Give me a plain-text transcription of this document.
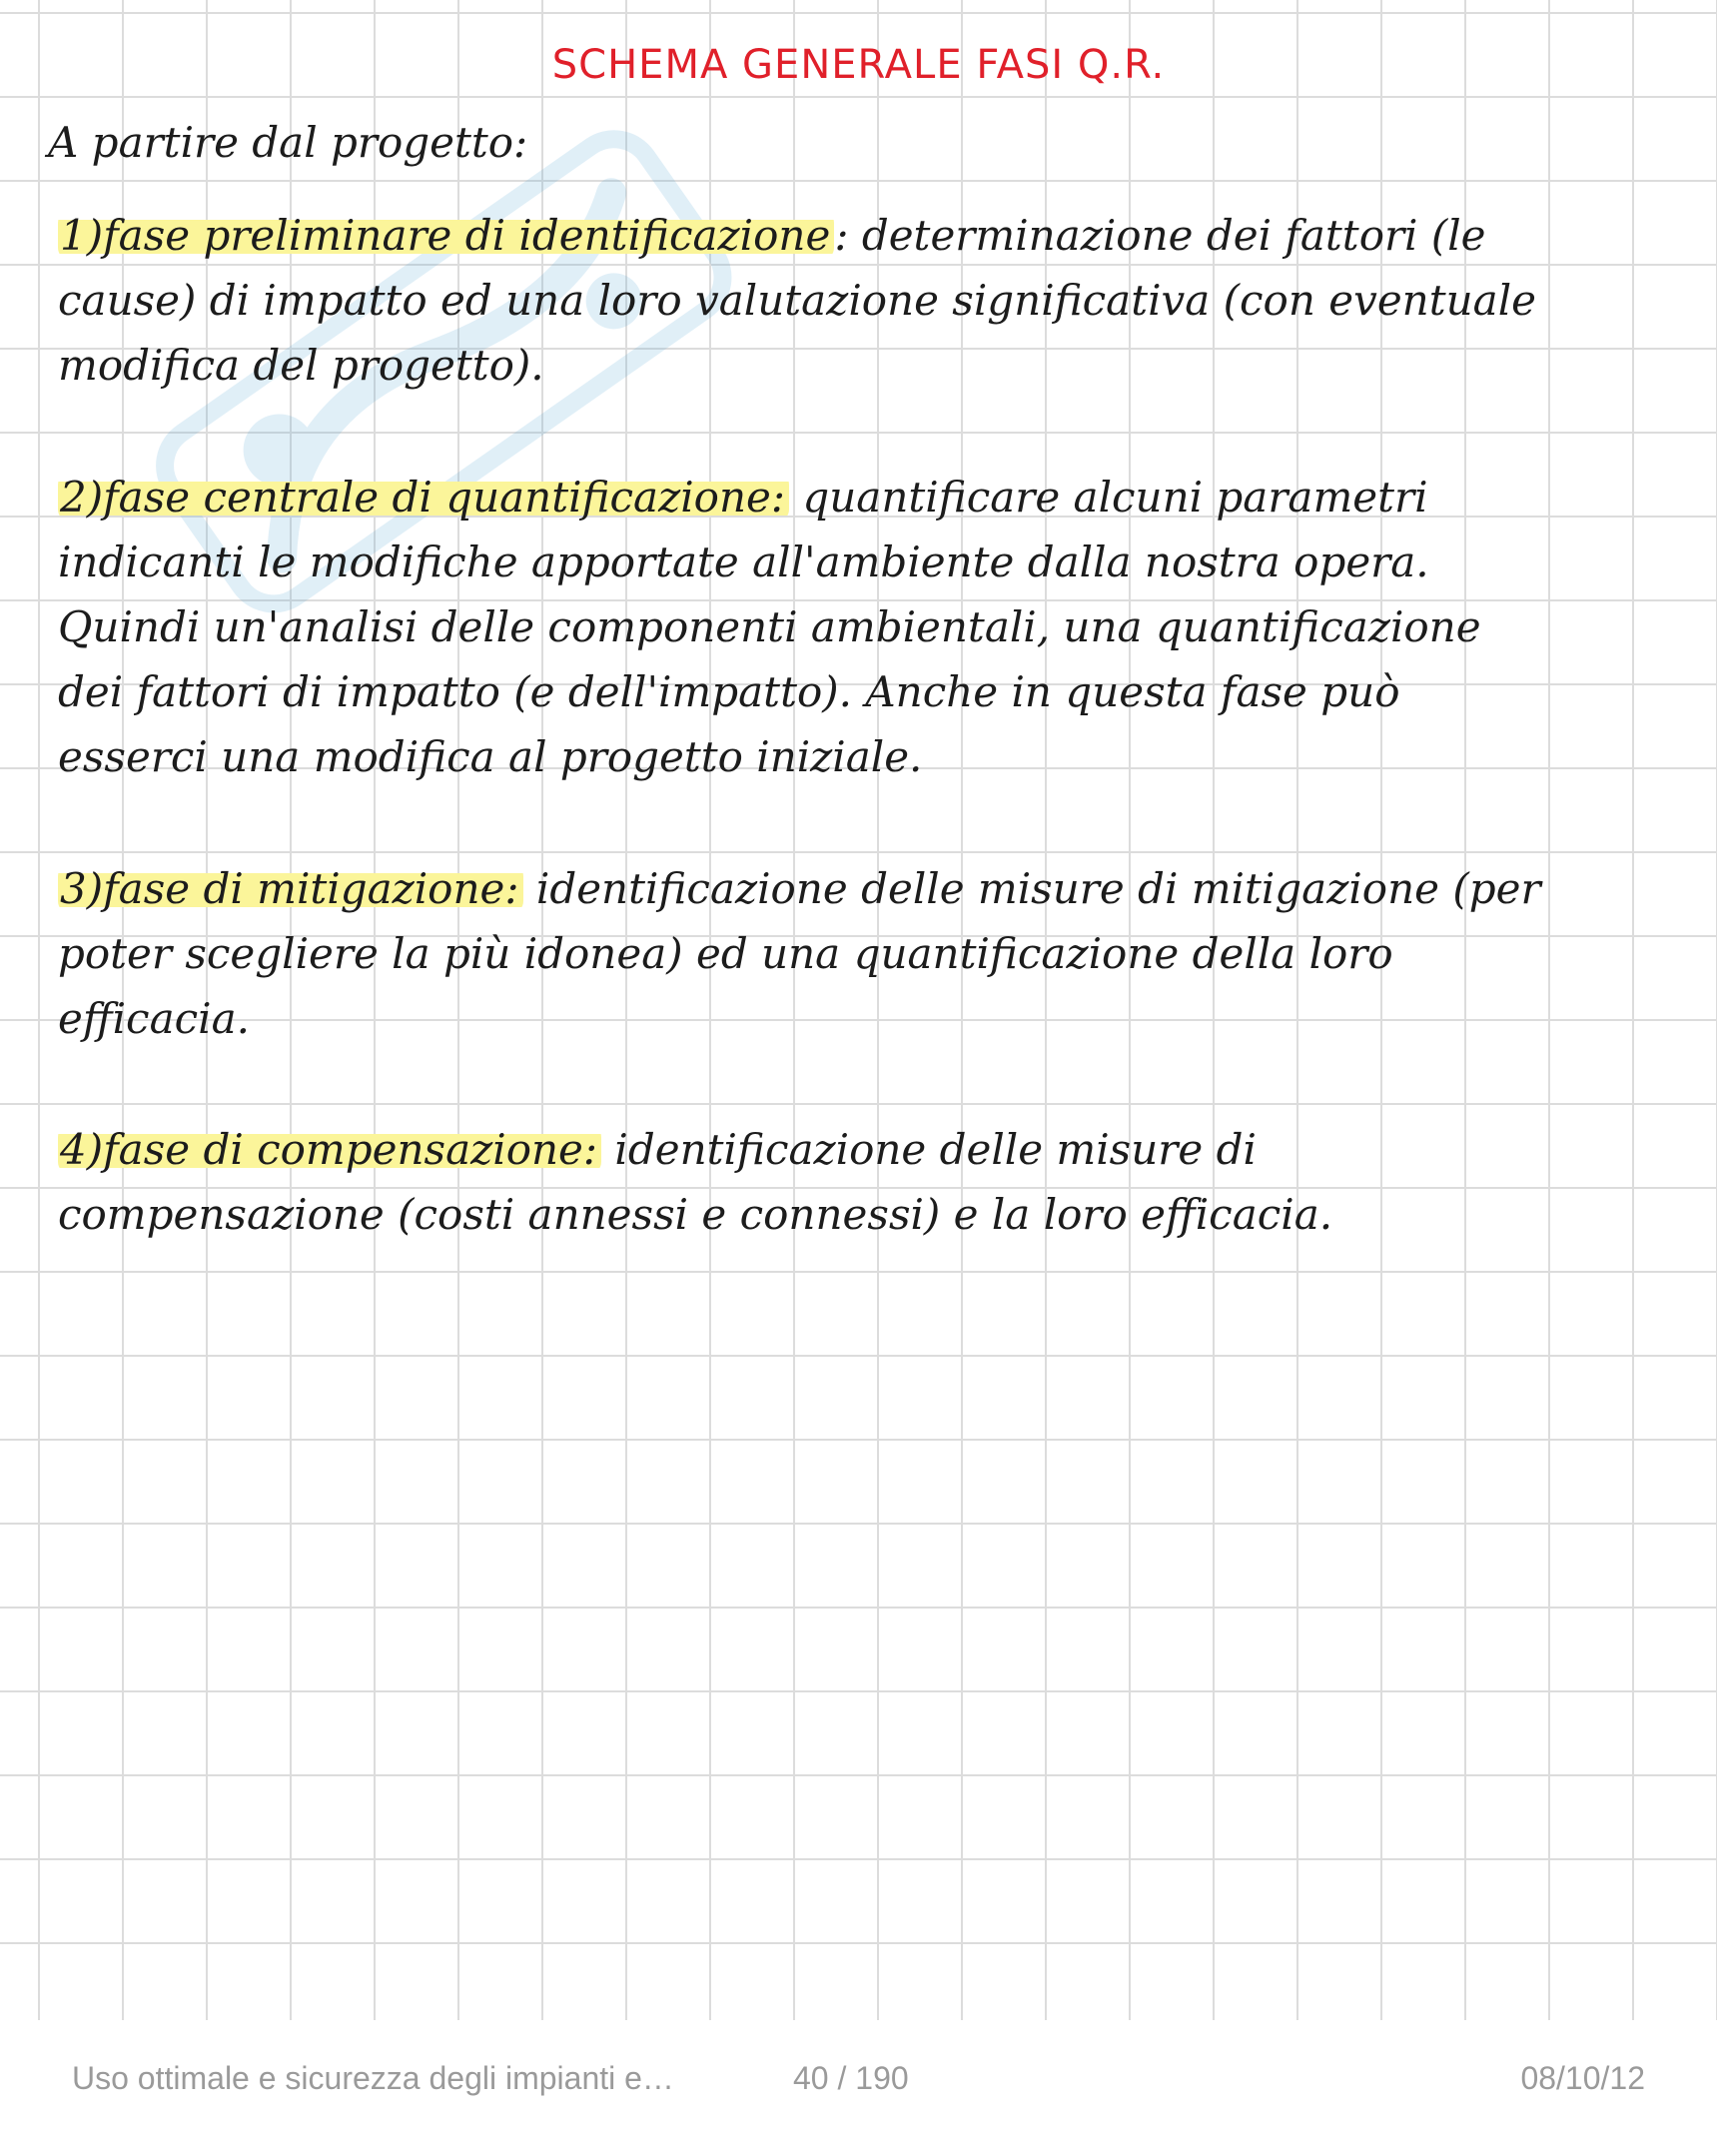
SCHEMA GENERALE FASI Q.R.
A partire dal progetto:
1)fase preliminare di identificazione: determinazione dei fattori (le cause) di impatto ed una loro valutazione significativa (con eventuale modifica del progetto).
2)fase centrale di quantificazione: quantificare alcuni parametri indicanti le modifiche apportate all'ambiente dalla nostra opera. Quindi un'analisi delle componenti ambientali, una quantificazione dei fattori di impatto (e dell'impatto). Anche in questa fase può esserci una modifica al progetto iniziale.
3)fase di mitigazione: identificazione delle misure di mitigazione (per poter scegliere la più idonea) ed una quantificazione della loro efficacia.
4)fase di compensazione: identificazione delle misure di compensazione (costi annessi e connessi) e la loro efficacia.
Uso ottimale e sicurezza degli impianti e…	40 / 190	08/10/12
